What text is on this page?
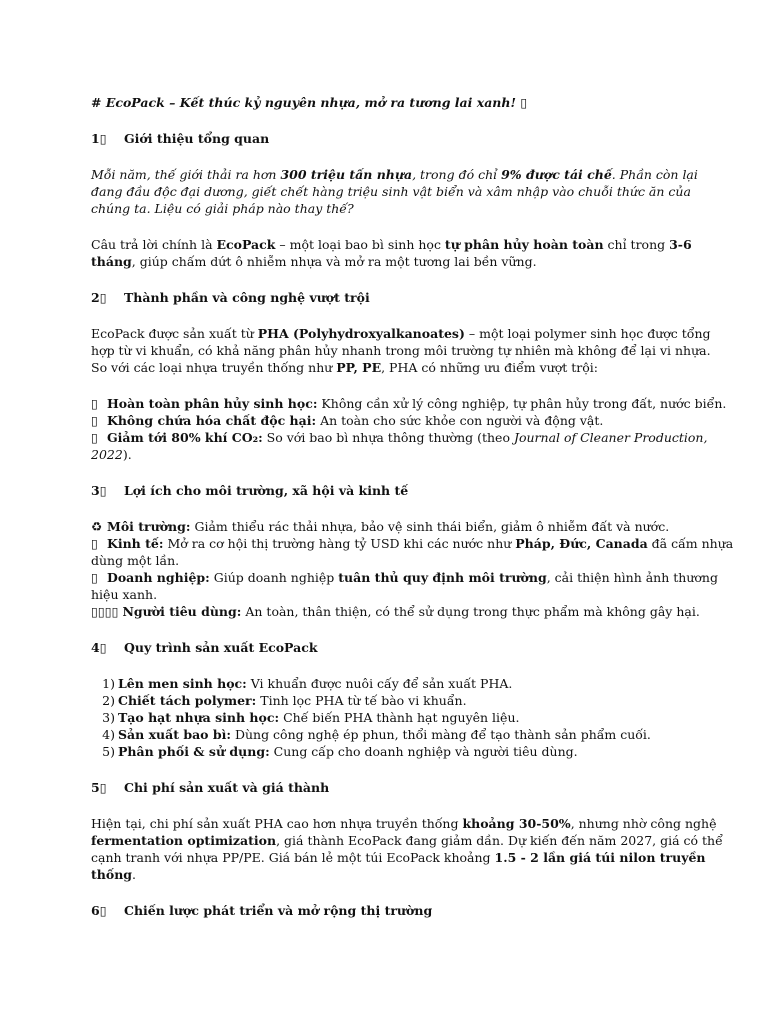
# EcoPack – Kết thúc kỷ nguyên nhựa, mở ra tương lai xanh! ▯
1▯ Giới thiệu tổng quan
Mỗi năm, thế giới thải ra hơn 300 triệu tấn nhựa, trong đó chỉ 9% được tái chế. Phần còn lại
đang đầu độc đại dương, giết chết hàng triệu sinh vật biển và xâm nhập vào chuỗi thức ăn của
chúng ta. Liệu có giải pháp nào thay thế?
Câu trả lời chính là EcoPack – một loại bao bì sinh học tự phân hủy hoàn toàn chỉ trong 3-6
tháng, giúp chấm dứt ô nhiễm nhựa và mở ra một tương lai bền vững.
2▯ Thành phần và công nghệ vượt trội
EcoPack được sản xuất từ PHA (Polyhydroxyalkanoates) – một loại polymer sinh học được tổng
hợp từ vi khuẩn, có khả năng phân hủy nhanh trong môi trường tự nhiên mà không để lại vi nhựa.
So với các loại nhựa truyền thống như PP, PE, PHA có những ưu điểm vượt trội:
▯ Hoàn toàn phân hủy sinh học: Không cần xử lý công nghiệp, tự phân hủy trong đất, nước biển.
▯ Không chứa hóa chất độc hại: An toàn cho sức khỏe con người và động vật.
▯ Giảm tới 80% khí CO₂: So với bao bì nhựa thông thường (theo Journal of Cleaner Production,
2022).
3▯ Lợi ích cho môi trường, xã hội và kinh tế
♻ Môi trường: Giảm thiểu rác thải nhựa, bảo vệ sinh thái biển, giảm ô nhiễm đất và nước.
▯ Kinh tế: Mở ra cơ hội thị trường hàng tỷ USD khi các nước như Pháp, Đức, Canada đã cấm nhựa
dùng một lần.
▯ Doanh nghiệp: Giúp doanh nghiệp tuân thủ quy định môi trường, cải thiện hình ảnh thương
hiệu xanh.
▯▯▯▯ Người tiêu dùng: An toàn, thân thiện, có thể sử dụng trong thực phẩm mà không gây hại.
4▯ Quy trình sản xuất EcoPack
1) Lên men sinh học: Vi khuẩn được nuôi cấy để sản xuất PHA.
2) Chiết tách polymer: Tinh lọc PHA từ tế bào vi khuẩn.
3) Tạo hạt nhựa sinh học: Chế biến PHA thành hạt nguyên liệu.
4) Sản xuất bao bì: Dùng công nghệ ép phun, thổi màng để tạo thành sản phẩm cuối.
5) Phân phối & sử dụng: Cung cấp cho doanh nghiệp và người tiêu dùng.
5▯ Chi phí sản xuất và giá thành
Hiện tại, chi phí sản xuất PHA cao hơn nhựa truyền thống khoảng 30-50%, nhưng nhờ công nghệ
fermentation optimization, giá thành EcoPack đang giảm dần. Dự kiến đến năm 2027, giá có thể
cạnh tranh với nhựa PP/PE. Giá bán lẻ một túi EcoPack khoảng 1.5 - 2 lần giá túi nilon truyền
thống.
6▯ Chiến lược phát triển và mở rộng thị trường
